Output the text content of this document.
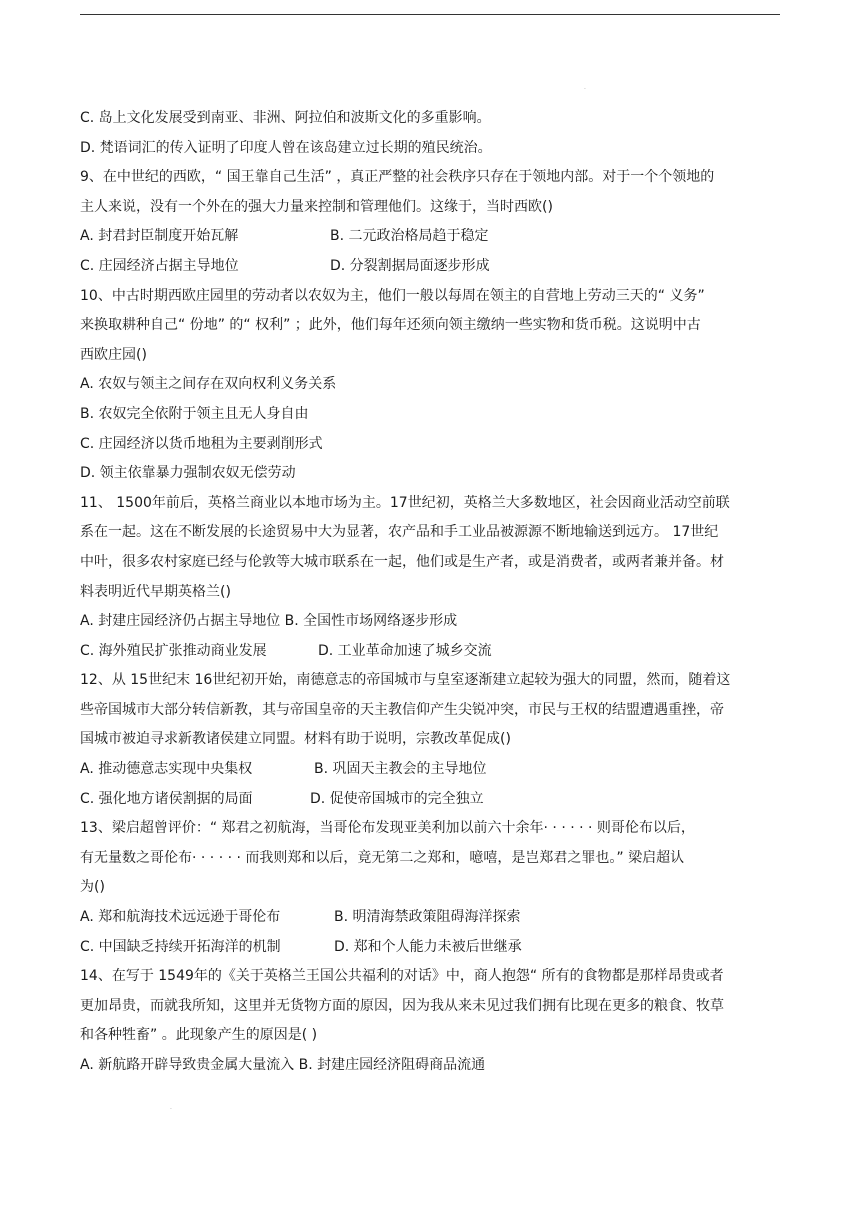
·
·
C. 岛上文化发展受到南亚、非洲、阿拉伯和波斯文化的多重影响。
D. 梵语词汇的传入证明了印度人曾在该岛建立过长期的殖民统治。
9、在中世纪的西欧，“ 国王靠自己生活” ，真正严整的社会秩序只存在于领地内部。对于一个个领地的
主人来说，没有一个外在的强大力量来控制和管理他们。这缘于，当时西欧()
A. 封君封臣制度开始瓦解	B. 二元政治格局趋于稳定
C. 庄园经济占据主导地位	D. 分裂割据局面逐步形成
10、中古时期西欧庄园里的劳动者以农奴为主，他们一般以每周在领主的自营地上劳动三天的“ 义务”
来换取耕种自己“ 份地” 的“ 权利” ；此外，他们每年还须向领主缴纳一些实物和货币税。这说明中古
西欧庄园()
A. 农奴与领主之间存在双向权利义务关系
B. 农奴完全依附于领主且无人身自由
C. 庄园经济以货币地租为主要剥削形式
D. 领主依靠暴力强制农奴无偿劳动
11、 1500年前后，英格兰商业以本地市场为主。17世纪初，英格兰大多数地区，社会因商业活动空前联
系在一起。这在不断发展的长途贸易中大为显著，农产品和手工业品被源源不断地输送到远方。 17世纪
中叶，很多农村家庭已经与伦敦等大城市联系在一起，他们或是生产者，或是消费者，或两者兼并备。材
料表明近代早期英格兰()
A. 封建庄园经济仍占据主导地位 B. 全国性市场网络逐步形成
C. 海外殖民扩张推动商业发展	D. 工业革命加速了城乡交流
12、从 15世纪末 16世纪初开始，南德意志的帝国城市与皇室逐渐建立起较为强大的同盟，然而，随着这
些帝国城市大部分转信新教，其与帝国皇帝的天主教信仰产生尖锐冲突，市民与王权的结盟遭遇重挫，帝
国城市被迫寻求新教诸侯建立同盟。材料有助于说明，宗教改革促成()
A. 推动德意志实现中央集权	B. 巩固天主教会的主导地位
C. 强化地方诸侯割据的局面	D. 促使帝国城市的完全独立
13、梁启超曾评价：“ 郑君之初航海，当哥伦布发现亚美利加以前六十余年· · · · · · 则哥伦布以后，
有无量数之哥伦布· · · · · · 而我则郑和以后，竟无第二之郑和，噫嘻，是岂郑君之罪也。” 梁启超认
为()
A. 郑和航海技术远远逊于哥伦布	B. 明清海禁政策阻碍海洋探索
C. 中国缺乏持续开拓海洋的机制	D. 郑和个人能力未被后世继承
14、在写于 1549年的《关于英格兰王国公共福利的对话》中，商人抱怨“ 所有的食物都是那样昂贵或者
更加昂贵，而就我所知，这里并无货物方面的原因，因为我从来未见过我们拥有比现在更多的粮食、牧草
和各种牲畜” 。此现象产生的原因是( )
A. 新航路开辟导致贵金属大量流入 B. 封建庄园经济阻碍商品流通
